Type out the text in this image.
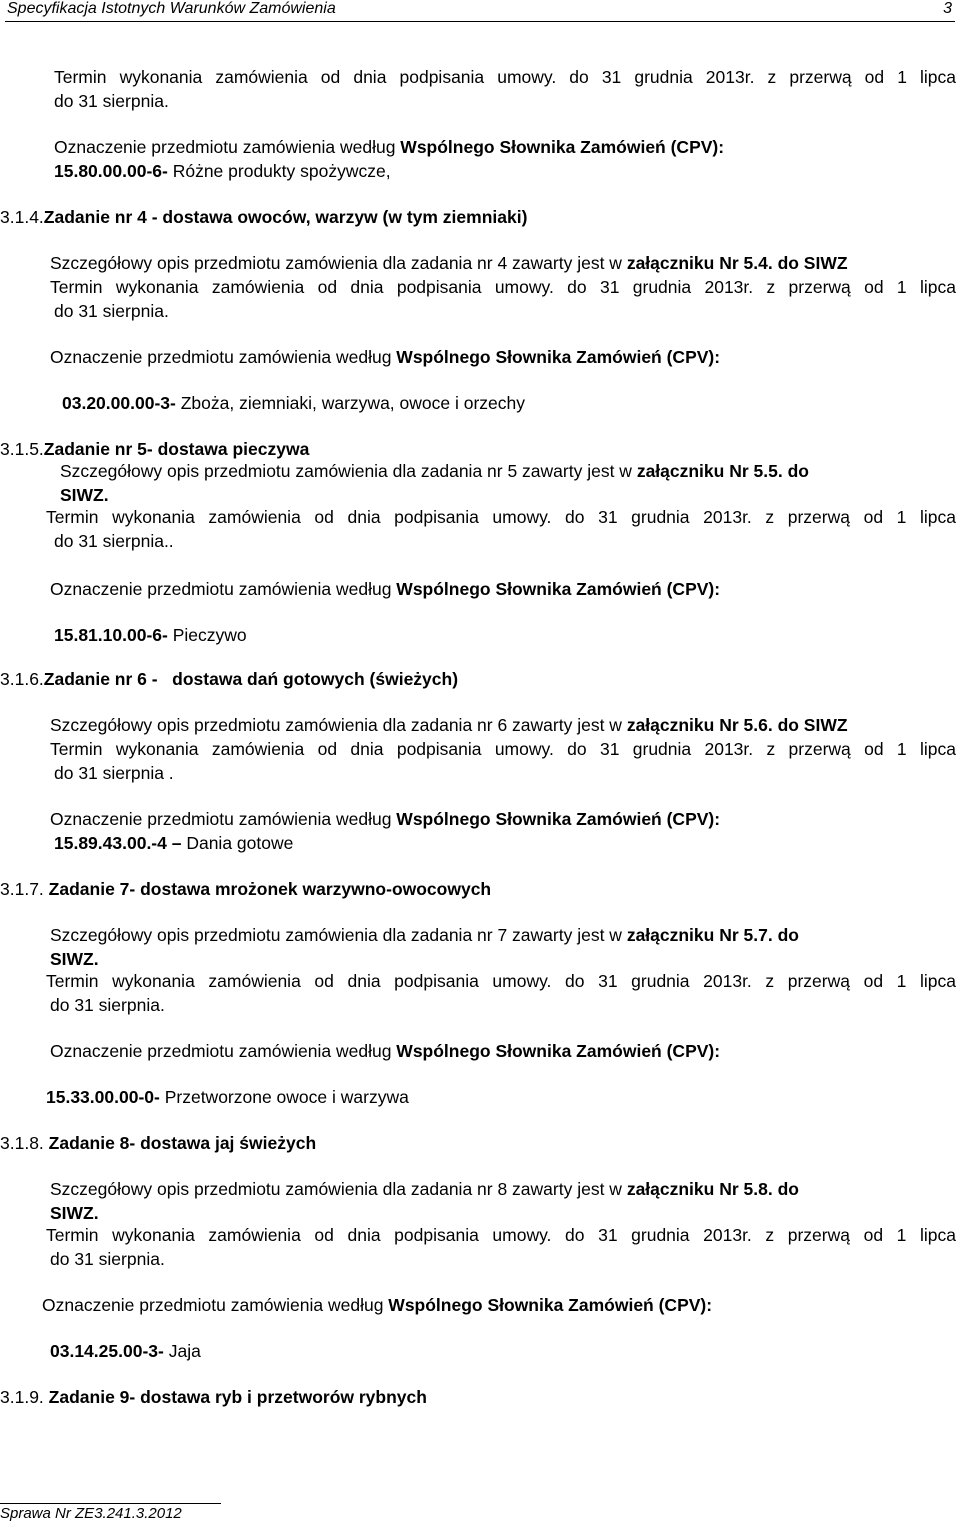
Specyfikacja Istotnych Warunków Zamówienia	3
Termin wykonania zamówienia od dnia podpisania umowy. do 31 grudnia 2013r. z przerwą od 1 lipca
do 31 sierpnia.
Oznaczenie przedmiotu zamówienia według Wspólnego Słownika Zamówień (CPV):
15.80.00.00-6- Różne produkty spożywcze,
3.1.4.Zadanie nr 4 - dostawa owoców, warzyw (w tym ziemniaki)
Szczegółowy opis przedmiotu zamówienia dla zadania nr 4 zawarty jest w załączniku Nr 5.4. do SIWZ
Termin wykonania zamówienia od dnia podpisania umowy. do 31 grudnia 2013r. z przerwą od 1 lipca
do 31 sierpnia.
Oznaczenie przedmiotu zamówienia według Wspólnego Słownika Zamówień (CPV):
03.20.00.00-3- Zboża, ziemniaki, warzywa, owoce i orzechy
3.1.5.Zadanie nr 5- dostawa pieczywa
Szczegółowy opis przedmiotu zamówienia dla zadania nr 5 zawarty jest w załączniku Nr 5.5. do
SIWZ.
Termin wykonania zamówienia od dnia podpisania umowy. do 31 grudnia 2013r. z przerwą od 1 lipca
do 31 sierpnia..
Oznaczenie przedmiotu zamówienia według Wspólnego Słownika Zamówień (CPV):
15.81.10.00-6- Pieczywo
3.1.6.Zadanie nr 6 -   dostawa dań gotowych (świeżych)
Szczegółowy opis przedmiotu zamówienia dla zadania nr 6 zawarty jest w załączniku Nr 5.6. do SIWZ
Termin wykonania zamówienia od dnia podpisania umowy. do 31 grudnia 2013r. z przerwą od 1 lipca
do 31 sierpnia .
Oznaczenie przedmiotu zamówienia według Wspólnego Słownika Zamówień (CPV):
15.89.43.00.-4 – Dania gotowe
3.1.7. Zadanie 7- dostawa mrożonek warzywno-owocowych
Szczegółowy opis przedmiotu zamówienia dla zadania nr 7 zawarty jest w załączniku Nr 5.7. do
SIWZ.
Termin wykonania zamówienia od dnia podpisania umowy. do 31 grudnia 2013r. z przerwą od 1 lipca
do 31 sierpnia.
Oznaczenie przedmiotu zamówienia według Wspólnego Słownika Zamówień (CPV):
15.33.00.00-0- Przetworzone owoce i warzywa
3.1.8. Zadanie 8- dostawa jaj świeżych
Szczegółowy opis przedmiotu zamówienia dla zadania nr 8 zawarty jest w załączniku Nr 5.8. do
SIWZ.
Termin wykonania zamówienia od dnia podpisania umowy. do 31 grudnia 2013r. z przerwą od 1 lipca
do 31 sierpnia.
Oznaczenie przedmiotu zamówienia według Wspólnego Słownika Zamówień (CPV):
03.14.25.00-3- Jaja
3.1.9. Zadanie 9- dostawa ryb i przetworów rybnych
Sprawa Nr ZE3.241.3.2012
